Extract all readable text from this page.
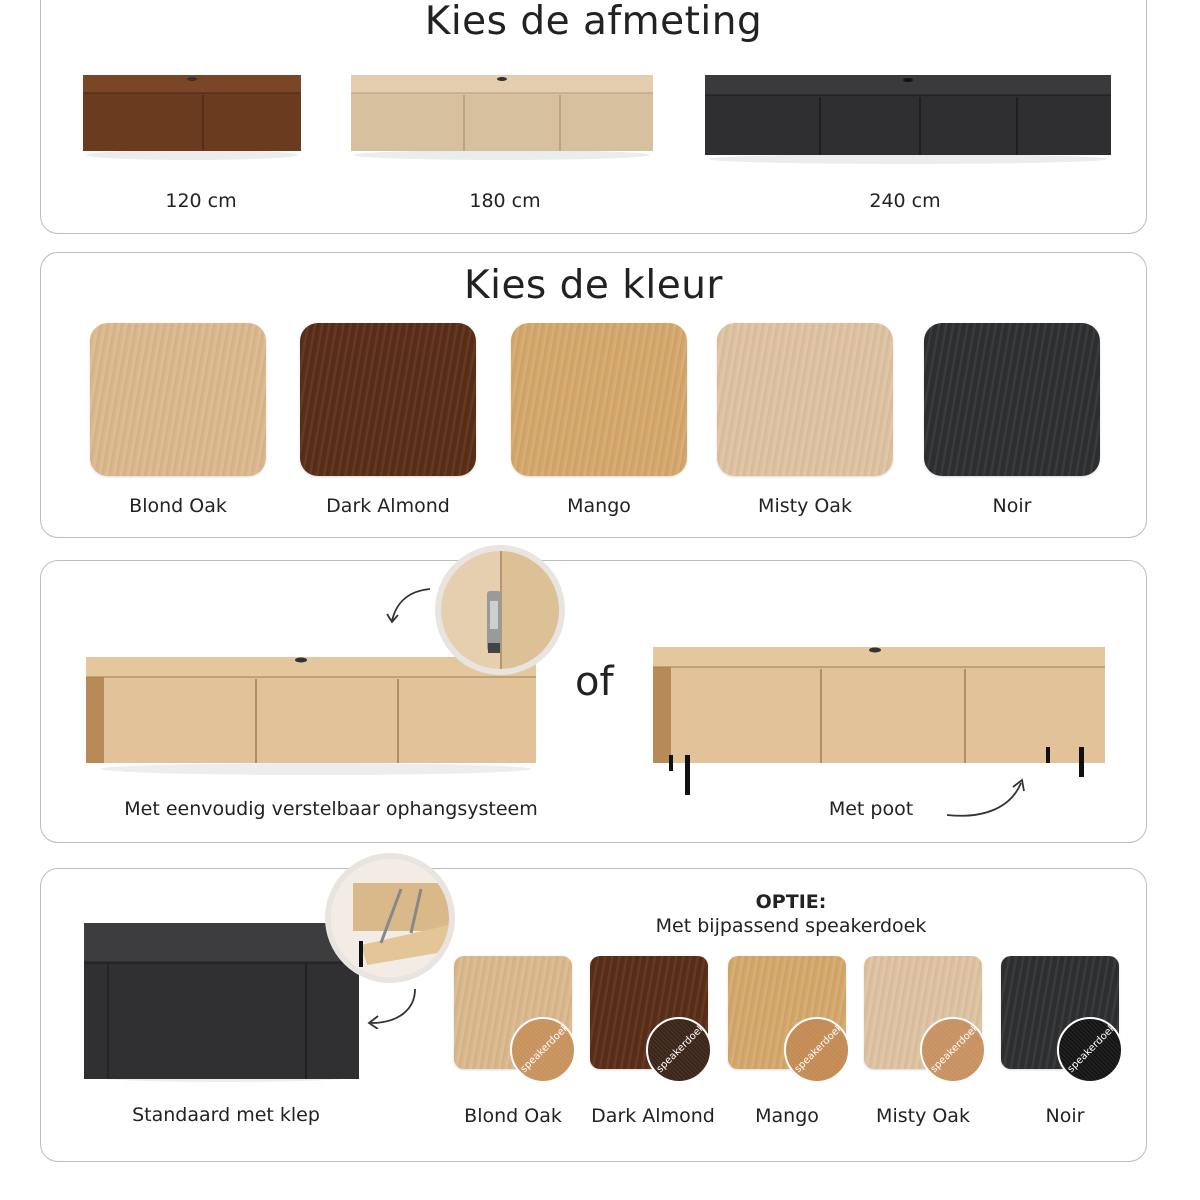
Kies de afmeting
120 cm	180 cm	240 cm
Kies de kleur
Blond Oak	Dark Almond	Mango	Misty Oak	Noir
of
Met eenvoudig verstelbaar ophangsysteem	Met poot
Standaard met klep
OPTIE:
Met bijpassend speakerdoek
speakerdoek	speakerdoek	speakerdoek	speakerdoek	speakerdoek
Blond Oak	Dark Almond	Mango	Misty Oak	Noir
